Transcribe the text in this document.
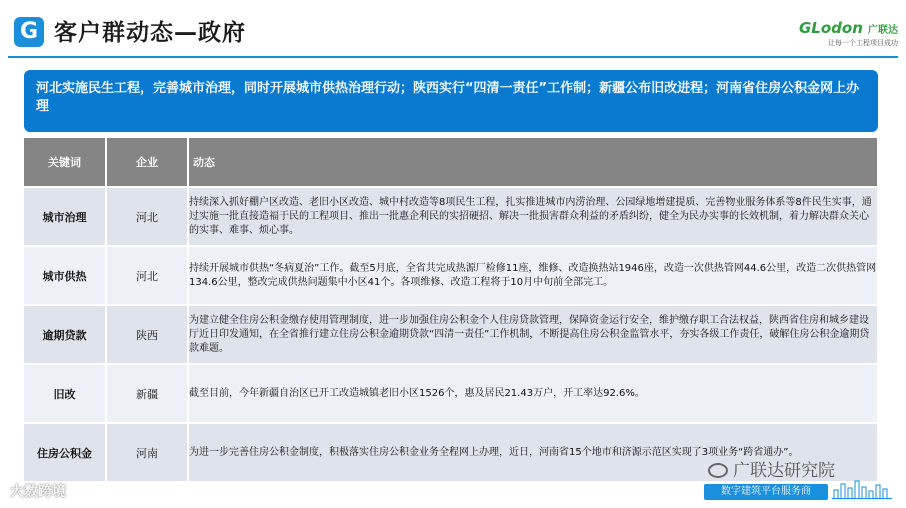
G 客户群动态—政府	GLodon 广联达
让每一个工程项目成功
河北实施民生工程，完善城市治理，同时开展城市供热治理行动；陕西实行“四清一责任”工作制；新疆公布旧改进程；河南省住房公积金网上办理
关键词	企业	动态
城市治理	河北	持续深入抓好棚户区改造、老旧小区改造、城中村改造等8项民生工程，扎实推进城市内涝治理、公园绿地增建提质、完善物业服务体系等8件民生实事，通过实施一批直接造福于民的工程项目、推出一批惠企利民的实招硬招、解决一批损害群众利益的矛盾纠纷，健全为民办实事的长效机制，着力解决群众关心的实事、难事、烦心事。
城市供热	河北	持续开展城市供热“冬病夏治”工作。截至5月底，全省共完成热源厂检修11座，维修、改造换热站1946座，改造一次供热管网44.6公里，改造二次供热管网134.6公里，整改完成供热问题集中小区41个。各项维修、改造工程将于10月中旬前全部完工。
逾期贷款	陕西	为建立健全住房公积金缴存使用管理制度，进一步加强住房公积金个人住房贷款管理，保障资金运行安全，维护缴存职工合法权益，陕西省住房和城乡建设厅近日印发通知，在全省推行建立住房公积金逾期贷款“四清一责任”工作机制，不断提高住房公积金监管水平，夯实各级工作责任，破解住房公积金逾期贷款难题。
旧改	新疆	截至目前，今年新疆自治区已开工改造城镇老旧小区1526个，惠及居民21.43万户，开工率达92.6%。
住房公积金	河南	为进一步完善住房公积金制度，积极落实住房公积金业务全程网上办理，近日，河南省15个地市和济源示范区实现了3项业务“跨省通办”。
大数跨境
广联达研究院
数字建筑平台服务商
